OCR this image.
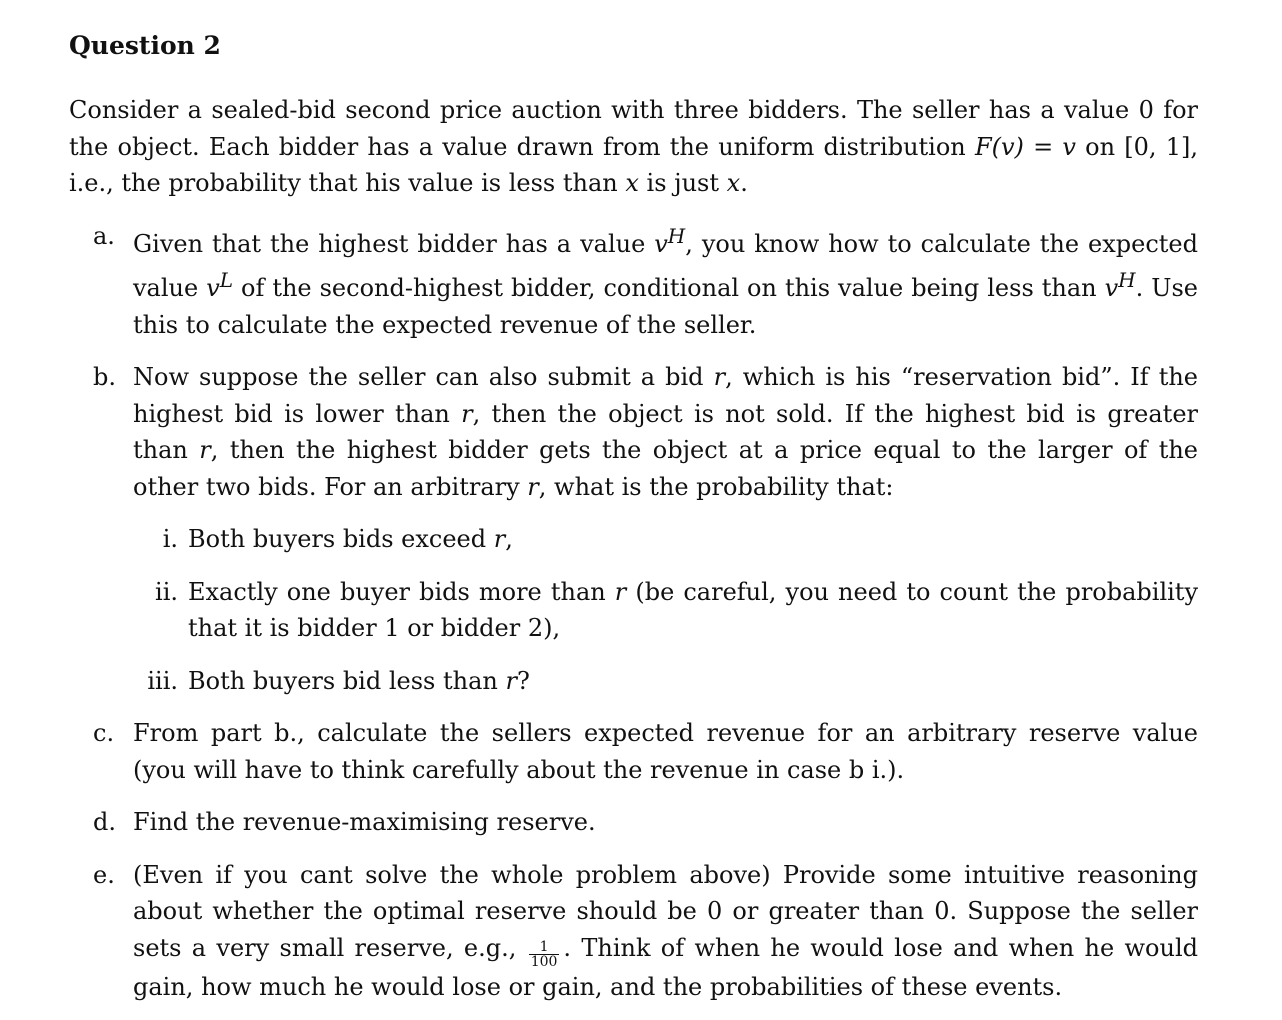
Question 2

Consider a sealed-bid second price auction with three bidders. The seller has a value 0 for the object. Each bidder has a value drawn from the uniform distribution F(v) = v on [0, 1], i.e., the probability that his value is less than x is just x.

a. Given that the highest bidder has a value $v^H$, you know how to calculate the expected value $v^L$ of the second-highest bidder, conditional on this value being less than $v^H$. Use this to calculate the expected revenue of the seller.
b. Now suppose the seller can also submit a bid r, which is his “reservation bid”. If the highest bid is lower than r, then the object is not sold. If the highest bid is greater than r, then the highest bidder gets the object at a price equal to the larger of the other two bids. For an arbitrary r, what is the probability that:
i. Both buyers bids exceed r,
ii. Exactly one buyer bids more than r (be careful, you need to count the probability that it is bidder 1 or bidder 2),
iii. Both buyers bid less than r?
c. From part b., calculate the sellers expected revenue for an arbitrary reserve value (you will have to think carefully about the revenue in case b i.).
d. Find the revenue-maximising reserve.
e. (Even if you cant solve the whole problem above) Provide some intuitive reasoning about whether the optimal reserve should be 0 or greater than 0. Suppose the seller sets a very small reserve, e.g., $\frac{1}{100}$ . Think of when he would lose and when he would gain, how much he would lose or gain, and the probabilities of these events.
